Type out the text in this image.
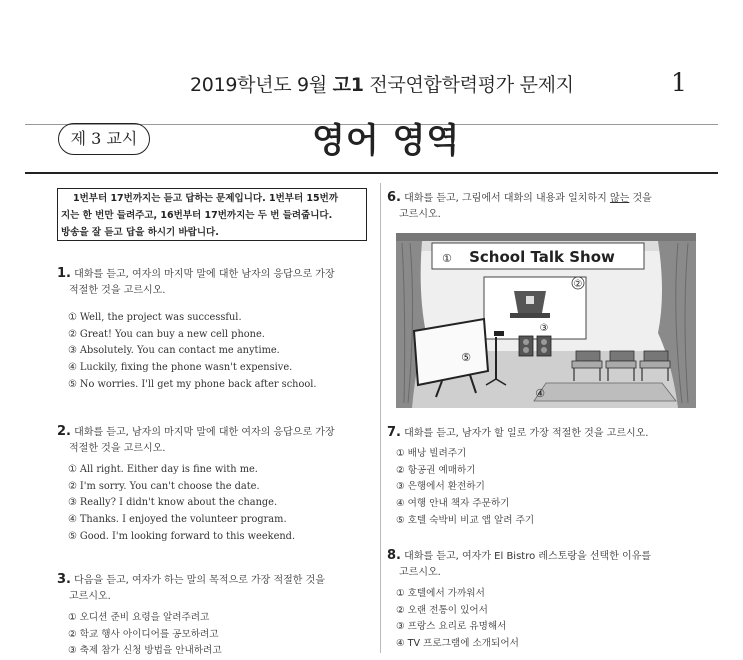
2019학년도 9월 고1 전국연합학력평가 문제지	1
제 3 교시	영어 영역
1번부터 17번까지는 듣고 답하는 문제입니다. 1번부터 15번까
지는 한 번만 들려주고, 16번부터 17번까지는 두 번 들려줍니다.
방송을 잘 듣고 답을 하시기 바랍니다.
1. 대화를 듣고, 여자의 마지막 말에 대한 남자의 응답으로 가장
적절한 것을 고르시오.
① Well, the project was successful.
② Great! You can buy a new cell phone.
③ Absolutely. You can contact me anytime.
④ Luckily, fixing the phone wasn't expensive.
⑤ No worries. I'll get my phone back after school.
2. 대화를 듣고, 남자의 마지막 말에 대한 여자의 응답으로 가장
적절한 것을 고르시오.
① All right. Either day is fine with me.
② I'm sorry. You can't choose the date.
③ Really? I didn't know about the change.
④ Thanks. I enjoyed the volunteer program.
⑤ Good. I'm looking forward to this weekend.
3. 다음을 듣고, 여자가 하는 말의 목적으로 가장 적절한 것을
고르시오.
① 오디션 준비 요령을 알려주려고
② 학교 행사 아이디어를 공모하려고
③ 축제 참가 신청 방법을 안내하려고
6. 대화를 듣고, 그림에서 대화의 내용과 일치하지 않는 것을
고르시오.
School Talk Show
①
②
③
⑤
④
7. 대화를 듣고, 남자가 할 일로 가장 적절한 것을 고르시오.
① 배낭 빌려주기
② 항공권 예매하기
③ 은행에서 환전하기
④ 여행 안내 책자 주문하기
⑤ 호텔 숙박비 비교 앱 알려 주기
8. 대화를 듣고, 여자가 El Bistro 레스토랑을 선택한 이유를
고르시오.
① 호텔에서 가까워서
② 오랜 전통이 있어서
③ 프랑스 요리로 유명해서
④ TV 프로그램에 소개되어서
